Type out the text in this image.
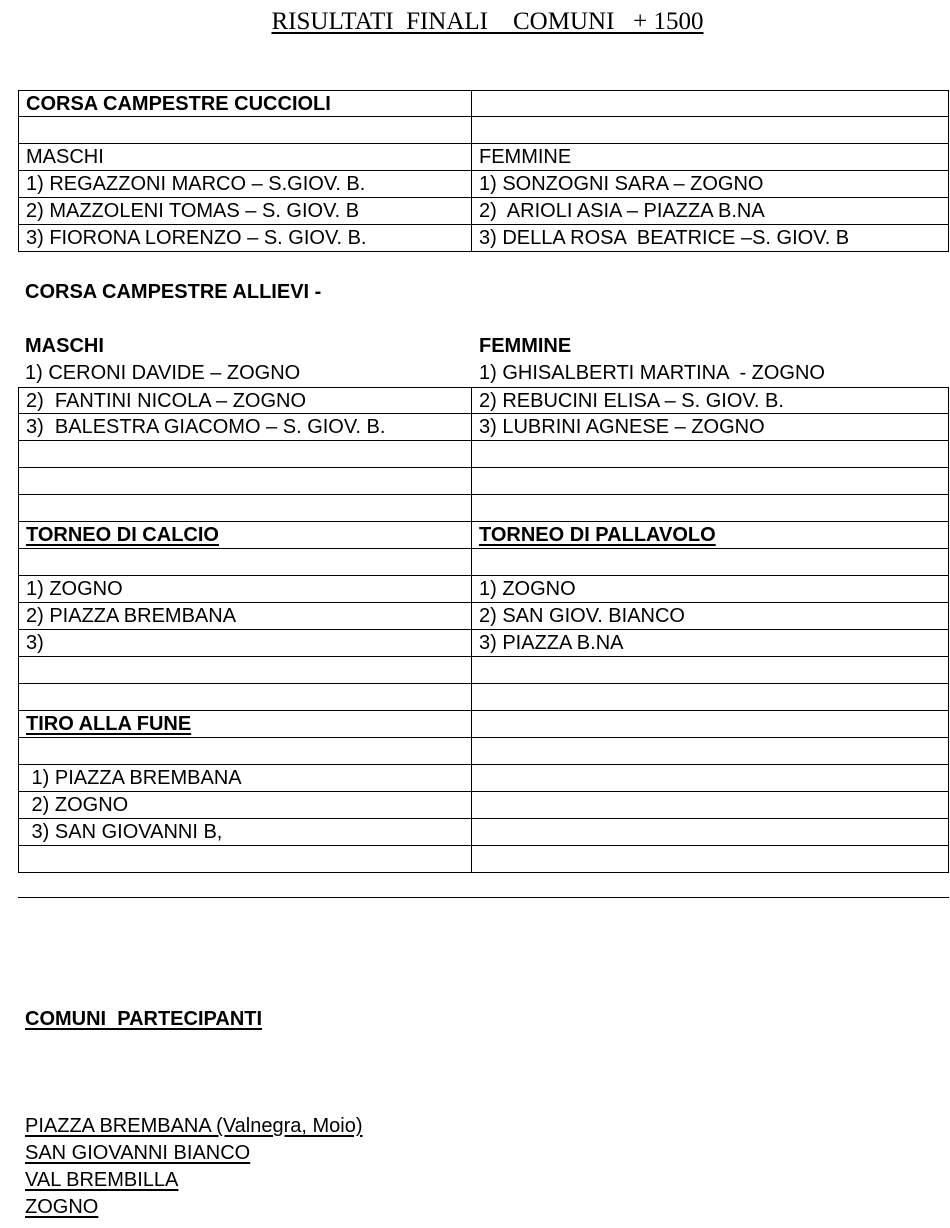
RISULTATI  FINALI    COMUNI   + 1500
CORSA CAMPESTRE CUCCIOLI
MASCHI	FEMMINE
1) REGAZZONI MARCO – S.GIOV. B.	1) SONZOGNI SARA – ZOGNO
2) MAZZOLENI TOMAS – S. GIOV. B	2)  ARIOLI ASIA – PIAZZA B.NA
3) FIORONA LORENZO – S. GIOV. B.	3) DELLA ROSA  BEATRICE –S. GIOV. B
CORSA CAMPESTRE ALLIEVI -
MASCHI	FEMMINE
1) CERONI DAVIDE – ZOGNO	1) GHISALBERTI MARTINA  - ZOGNO
2)  FANTINI NICOLA – ZOGNO	2) REBUCINI ELISA – S. GIOV. B.
3)  BALESTRA GIACOMO – S. GIOV. B.	3) LUBRINI AGNESE – ZOGNO
TORNEO DI CALCIO	TORNEO DI PALLAVOLO
1) ZOGNO	1) ZOGNO
2) PIAZZA BREMBANA	2) SAN GIOV. BIANCO
3)	3) PIAZZA B.NA
TIRO ALLA FUNE
1) PIAZZA BREMBANA
2) ZOGNO
3) SAN GIOVANNI B,
COMUNI  PARTECIPANTI
PIAZZA BREMBANA (Valnegra, Moio)
SAN GIOVANNI BIANCO
VAL BREMBILLA
ZOGNO
